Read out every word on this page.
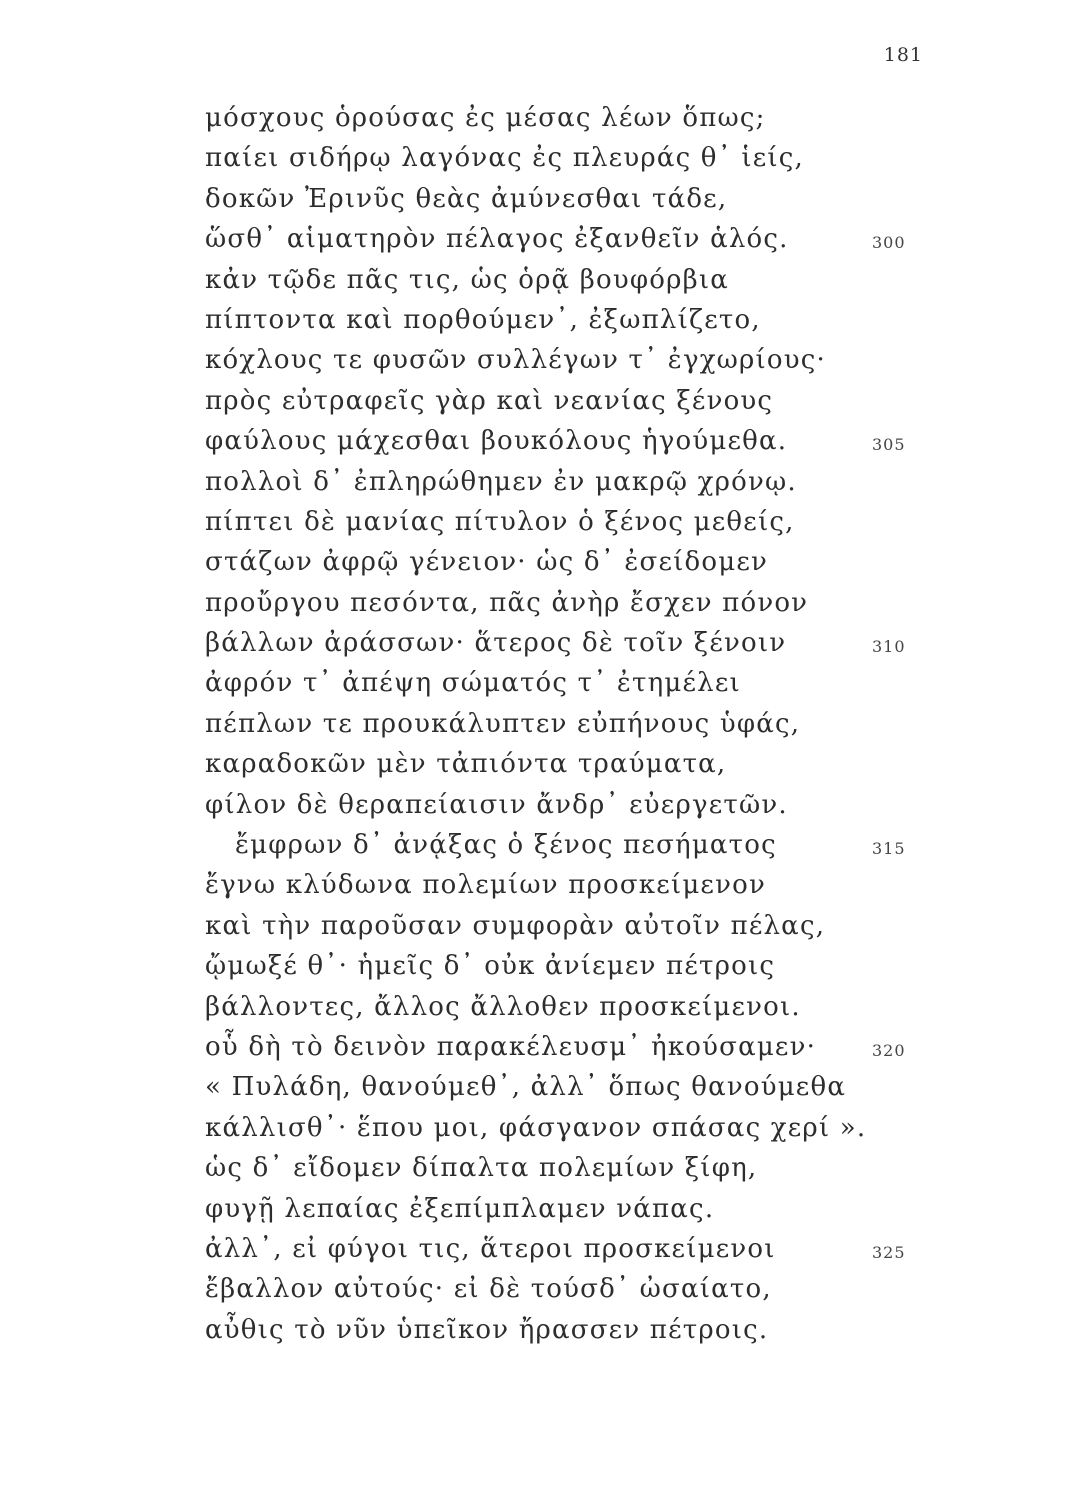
181
μόσχους ὁρούσας ἐς μέσας λέων ὅπως;
παίει σιδήρῳ λαγόνας ἐς πλευράς θ᾿ ἱείς,
δοκῶν Ἐρινῦς θεὰς ἀμύνεσθαι τάδε,
ὥσθ᾿ αἱματηρὸν πέλαγος ἐξανθεῖν ἁλός.	300
κἀν τῷδε πᾶς τις, ὡς ὁρᾷ βουφόρβια
πίπτοντα καὶ πορθούμεν᾿, ἐξωπλίζετο,
κόχλους τε φυσῶν συλλέγων τ᾿ ἐγχωρίους·
πρὸς εὐτραφεῖς γὰρ καὶ νεανίας ξένους
φαύλους μάχεσθαι βουκόλους ἡγούμεθα.	305
πολλοὶ δ᾿ ἐπληρώθημεν ἐν μακρῷ χρόνῳ.
πίπτει δὲ μανίας πίτυλον ὁ ξένος μεθείς,
στάζων ἀφρῷ γένειον· ὡς δ᾿ ἐσείδομεν
προὔργου πεσόντα, πᾶς ἀνὴρ ἔσχεν πόνον
βάλλων ἀράσσων· ἅτερος δὲ τοῖν ξένοιν	310
ἀφρόν τ᾿ ἀπέψη σώματός τ᾿ ἐτημέλει
πέπλων τε προυκάλυπτεν εὐπήνους ὑφάς,
καραδοκῶν μὲν τἀπιόντα τραύματα,
φίλον δὲ θεραπείαισιν ἄνδρ᾿ εὐεργετῶν.
ἔμφρων δ᾿ ἀνᾴξας ὁ ξένος πεσήματος	315
ἔγνω κλύδωνα πολεμίων προσκείμενον
καὶ τὴν παροῦσαν συμφορὰν αὐτοῖν πέλας,
ᾤμωξέ θ᾿· ἡμεῖς δ᾿ οὐκ ἀνίεμεν πέτροις
βάλλοντες, ἄλλος ἄλλοθεν προσκείμενοι.
οὗ δὴ τὸ δεινὸν παρακέλευσμ᾿ ἠκούσαμεν·	320
« Πυλάδη, θανούμεθ᾿, ἀλλ᾿ ὅπως θανούμεθα
κάλλισθ᾿· ἕπου μοι, φάσγανον σπάσας χερί ».
ὡς δ᾿ εἴδομεν δίπαλτα πολεμίων ξίφη,
φυγῇ λεπαίας ἐξεπίμπλαμεν νάπας.
ἀλλ᾿, εἰ φύγοι τις, ἅτεροι προσκείμενοι	325
ἔβαλλον αὐτούς· εἰ δὲ τούσδ᾿ ὠσαίατο,
αὖθις τὸ νῦν ὑπεῖκον ἤρασσεν πέτροις.
